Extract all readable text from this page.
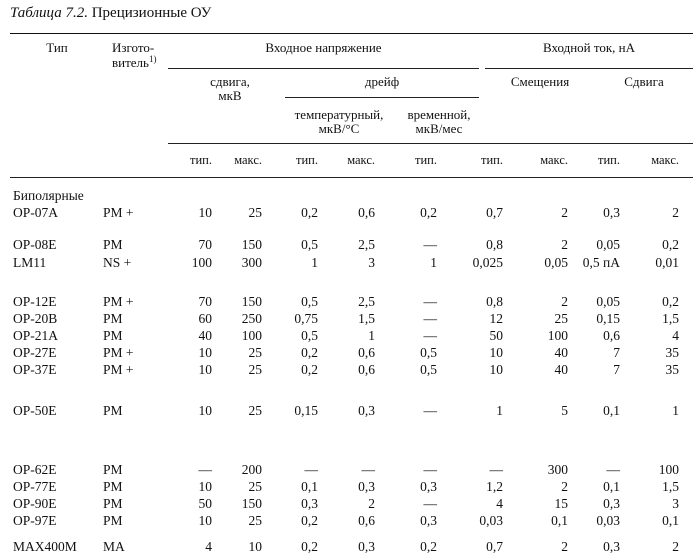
Таблица 7.2. Прецизионные ОУ
Тип	Изгото-
витель$^{1)}$
Входное напряжение	Входной ток, нА
сдвига,
мкВ
дрейф	Смещения	Сдвига
температурный,
мкВ/°С
временной,
мкВ/мес
тип.	макс.	тип.	макс.	тип.	тип.	макс.	тип.	макс.
Биполярные
OP-07A	PM +	10	25	0,2	0,6	0,2	0,7	2	0,3	2
OP-08E	PM	70	150	0,5	2,5	—	0,8	2	0,05	0,2
LM11	NS +	100	300	1	3	1	0,025	0,05	0,5 пА	0,01
OP-12E	PM +	70	150	0,5	2,5	—	0,8	2	0,05	0,2
OP-20B	PM	60	250	0,75	1,5	—	12	25	0,15	1,5
OP-21A	PM	40	100	0,5	1	—	50	100	0,6	4
OP-27E	PM +	10	25	0,2	0,6	0,5	10	40	7	35
OP-37E	PM +	10	25	0,2	0,6	0,5	10	40	7	35
OP-50E	PM	10	25	0,15	0,3	—	1	5	0,1	1
OP-62E	PM	—	200	—	—	—	—	300	—	100
OP-77E	PM	10	25	0,1	0,3	0,3	1,2	2	0,1	1,5
OP-90E	PM	50	150	0,3	2	—	4	15	0,3	3
OP-97E	PM	10	25	0,2	0,6	0,3	0,03	0,1	0,03	0,1
MAX400M MA	4	10	0,2	0,3	0,2	0,7	2	0,3	2
